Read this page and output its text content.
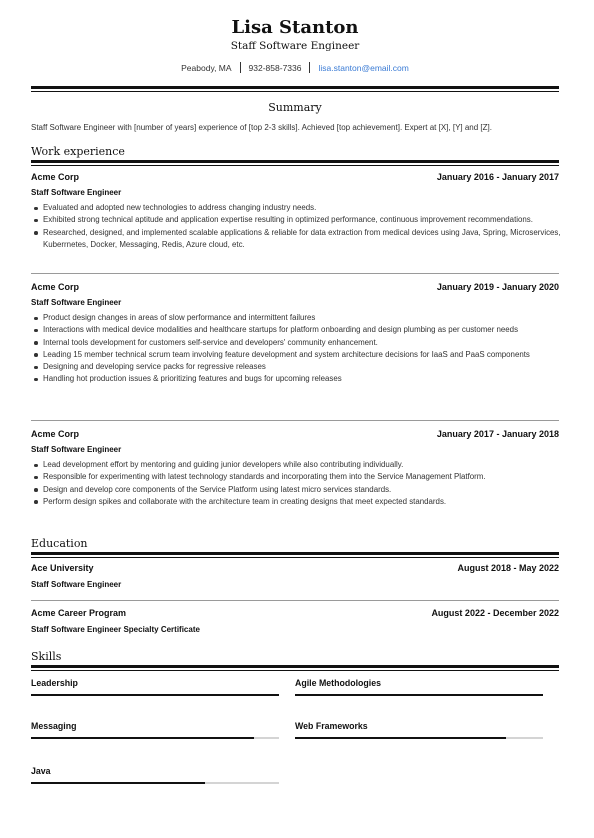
Lisa Stanton
Staff Software Engineer
Peabody, MA 932-858-7336 lisa.stanton@email.com
Summary
Staff Software Engineer with [number of years] experience of [top 2-3 skills]. Achieved [top achievement]. Expert at [X], [Y] and [Z].
Work experience
Acme Corp	January 2016 - January 2017
Staff Software Engineer
Evaluated and adopted new technologies to address changing industry needs.
Exhibited strong technical aptitude and application expertise resulting in optimized performance, continuous improvement recommendations.
Researched, designed, and implemented scalable applications & reliable for data extraction from medical devices using Java, Spring, Microservices, Kuberrnetes, Docker, Messaging, Redis, Azure cloud, etc.
Acme Corp	January 2019 - January 2020
Staff Software Engineer
Product design changes in areas of slow performance and intermittent failures
Interactions with medical device modalities and healthcare startups for platform onboarding and design plumbing as per customer needs
Internal tools development for customers self-service and developers' community enhancement.
Leading 15 member technical scrum team involving feature development and system architecture decisions for IaaS and PaaS components
Designing and developing service packs for regressive releases
Handling hot production issues & prioritizing features and bugs for upcoming releases
Acme Corp	January 2017 - January 2018
Staff Software Engineer
Lead development effort by mentoring and guiding junior developers while also contributing individually.
Responsible for experimenting with latest technology standards and incorporating them into the Service Management Platform.
Design and develop core components of the Service Platform using latest micro services standards.
Perform design spikes and collaborate with the architecture team in creating designs that meet expected standards.
Education
Ace University	August 2018 - May 2022
Staff Software Engineer
Acme Career Program	August 2022 - December 2022
Staff Software Engineer Specialty Certificate
Skills
Leadership	Agile Methodologies
Messaging	Web Frameworks
Java
